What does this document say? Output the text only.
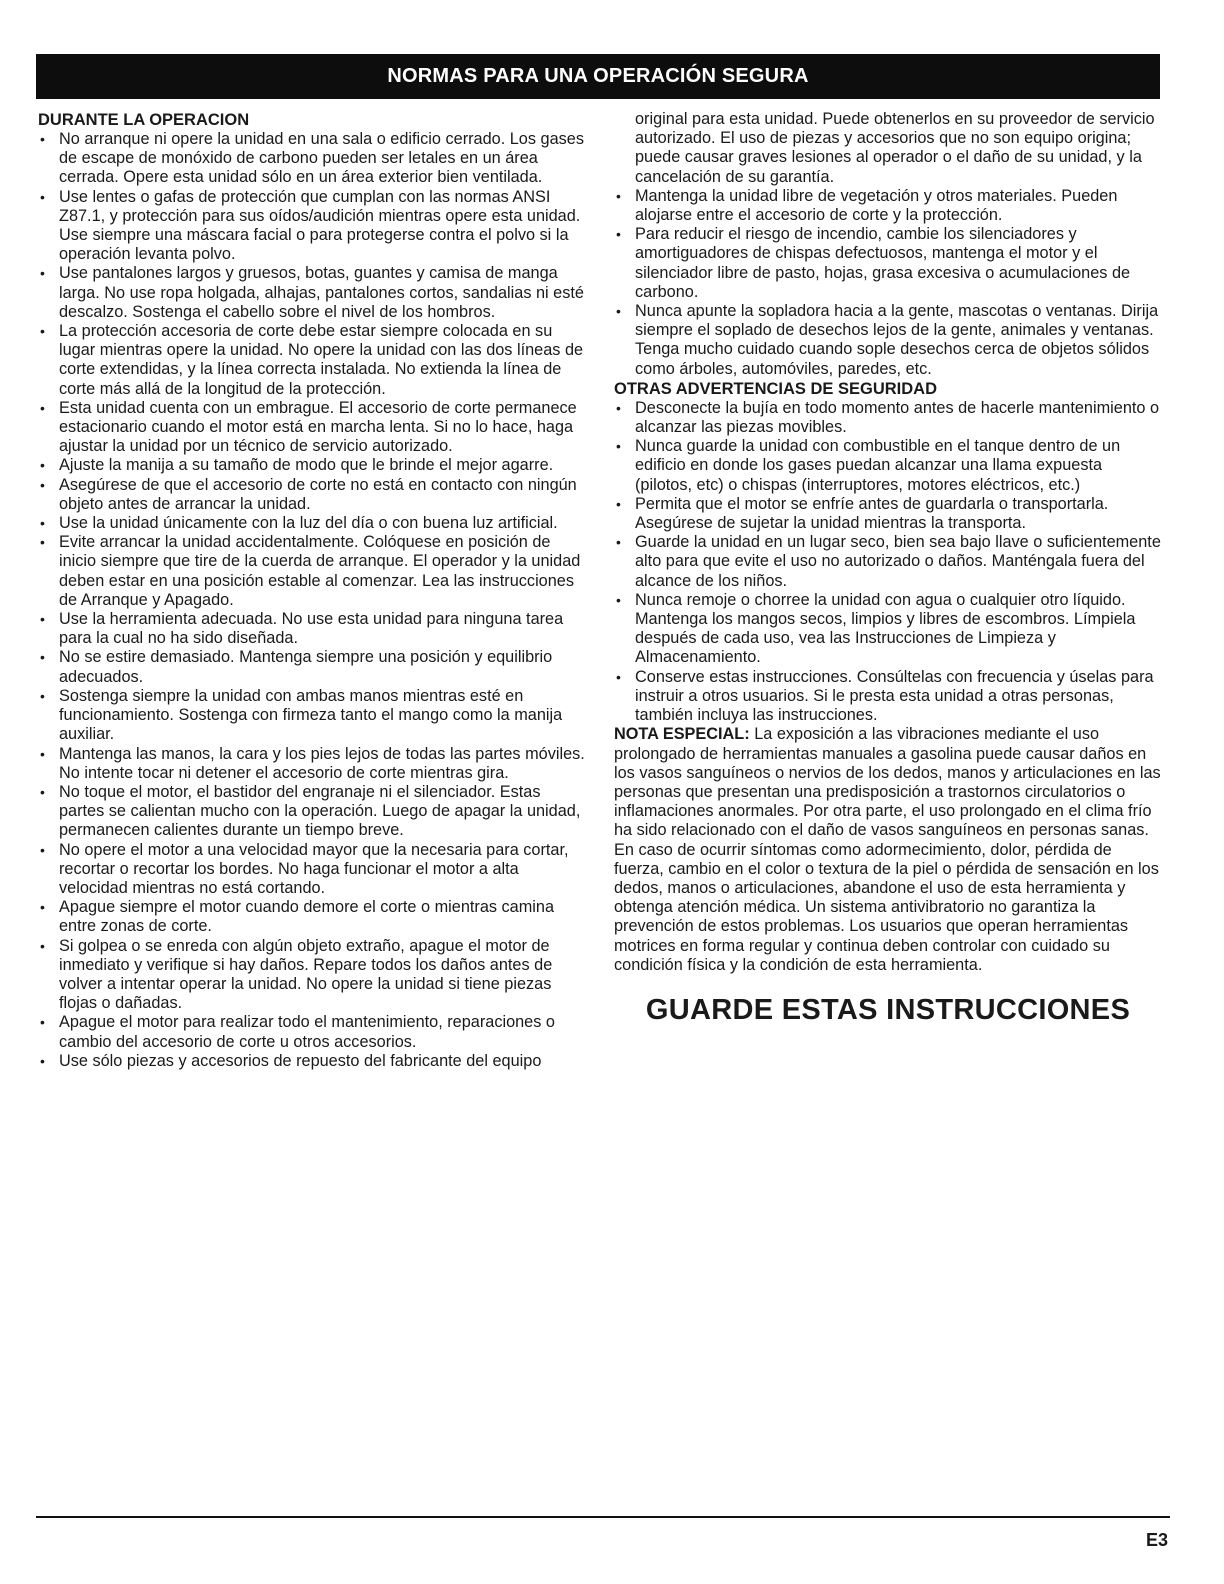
NORMAS PARA UNA OPERACIÓN SEGURA
DURANTE LA OPERACION
• No arranque ni opere la unidad en una sala o edificio cerrado. Los gases de escape de monóxido de carbono pueden ser letales en un área cerrada. Opere esta unidad sólo en un área exterior bien ventilada.
• Use lentes o gafas de protección que cumplan con las normas ANSI Z87.1, y protección para sus oídos/audición mientras opere esta unidad. Use siempre una máscara facial o para protegerse contra el polvo si la operación levanta polvo.
• Use pantalones largos y gruesos, botas, guantes y camisa de manga larga. No use ropa holgada, alhajas, pantalones cortos, sandalias ni esté descalzo. Sostenga el cabello sobre el nivel de los hombros.
• La protección accesoria de corte debe estar siempre colocada en su lugar mientras opere la unidad. No opere la unidad con las dos líneas de corte extendidas, y la línea correcta instalada. No extienda la línea de corte más allá de la longitud de la protección.
• Esta unidad cuenta con un embrague. El accesorio de corte permanece estacionario cuando el motor está en marcha lenta. Si no lo hace, haga ajustar la unidad por un técnico de servicio autorizado.
• Ajuste la manija a su tamaño de modo que le brinde el mejor agarre.
• Asegúrese de que el accesorio de corte no está en contacto con ningún objeto antes de arrancar la unidad.
• Use la unidad únicamente con la luz del día o con buena luz artificial.
• Evite arrancar la unidad accidentalmente. Colóquese en posición de inicio siempre que tire de la cuerda de arranque. El operador y la unidad deben estar en una posición estable al comenzar. Lea las instrucciones de Arranque y Apagado.
• Use la herramienta adecuada. No use esta unidad para ninguna tarea para la cual no ha sido diseñada.
• No se estire demasiado. Mantenga siempre una posición y equilibrio adecuados.
• Sostenga siempre la unidad con ambas manos mientras esté en funcionamiento. Sostenga con firmeza tanto el mango como la manija auxiliar.
• Mantenga las manos, la cara y los pies lejos de todas las partes móviles. No intente tocar ni detener el accesorio de corte mientras gira.
• No toque el motor, el bastidor del engranaje ni el silenciador. Estas partes se calientan mucho con la operación. Luego de apagar la unidad, permanecen calientes durante un tiempo breve.
• No opere el motor a una velocidad mayor que la necesaria para cortar, recortar o recortar los bordes. No haga funcionar el motor a alta velocidad mientras no está cortando.
• Apague siempre el motor cuando demore el corte o mientras camina entre zonas de corte.
• Si golpea o se enreda con algún objeto extraño, apague el motor de inmediato y verifique si hay daños. Repare todos los daños antes de volver a intentar operar la unidad. No opere la unidad si tiene piezas flojas o dañadas.
• Apague el motor para realizar todo el mantenimiento, reparaciones o cambio del accesorio de corte u otros accesorios.
• Use sólo piezas y accesorios de repuesto del fabricante del equipo
original para esta unidad. Puede obtenerlos en su proveedor de servicio autorizado. El uso de piezas y accesorios que no son equipo origina; puede causar graves lesiones al operador o el daño de su unidad, y la cancelación de su garantía.
• Mantenga la unidad libre de vegetación y otros materiales. Pueden alojarse entre el accesorio de corte y la protección.
• Para reducir el riesgo de incendio, cambie los silenciadores y amortiguadores de chispas defectuosos, mantenga el motor y el silenciador libre de pasto, hojas, grasa excesiva o acumulaciones de carbono.
• Nunca apunte la sopladora hacia a la gente, mascotas o ventanas. Dirija siempre el soplado de desechos lejos de la gente, animales y ventanas. Tenga mucho cuidado cuando sople desechos cerca de objetos sólidos como árboles, automóviles, paredes, etc.
OTRAS ADVERTENCIAS DE SEGURIDAD
• Desconecte la bujía en todo momento antes de hacerle mantenimiento o alcanzar las piezas movibles.
• Nunca guarde la unidad con combustible en el tanque dentro de un edificio en donde los gases puedan alcanzar una llama expuesta (pilotos, etc) o chispas (interruptores, motores eléctricos, etc.)
• Permita que el motor se enfríe antes de guardarla o transportarla. Asegúrese de sujetar la unidad mientras la transporta.
• Guarde la unidad en un lugar seco, bien sea bajo llave o suficientemente alto para que evite el uso no autorizado o daños. Manténgala fuera del alcance de los niños.
• Nunca remoje o chorree la unidad con agua o cualquier otro líquido. Mantenga los mangos secos, limpios y libres de escombros. Límpiela después de cada uso, vea las Instrucciones de Limpieza y Almacenamiento.
• Conserve estas instrucciones. Consúltelas con frecuencia y úselas para instruir a otros usuarios. Si le presta esta unidad a otras personas, también incluya las instrucciones.

NOTA ESPECIAL: La exposición a las vibraciones mediante el uso prolongado de herramientas manuales a gasolina puede causar daños en los vasos sanguíneos o nervios de los dedos, manos y articulaciones en las personas que presentan una predisposición a trastornos circulatorios o inflamaciones anormales. Por otra parte, el uso prolongado en el clima frío ha sido relacionado con el daño de vasos sanguíneos en personas sanas. En caso de ocurrir síntomas como adormecimiento, dolor, pérdida de fuerza, cambio en el color o textura de la piel o pérdida de sensación en los dedos, manos o articulaciones, abandone el uso de esta herramienta y obtenga atención médica. Un sistema antivibratorio no garantiza la prevención de estos problemas. Los usuarios que operan herramientas motrices en forma regular y continua deben controlar con cuidado su condición física y la condición de esta herramienta.

GUARDE ESTAS INSTRUCCIONES
E3
